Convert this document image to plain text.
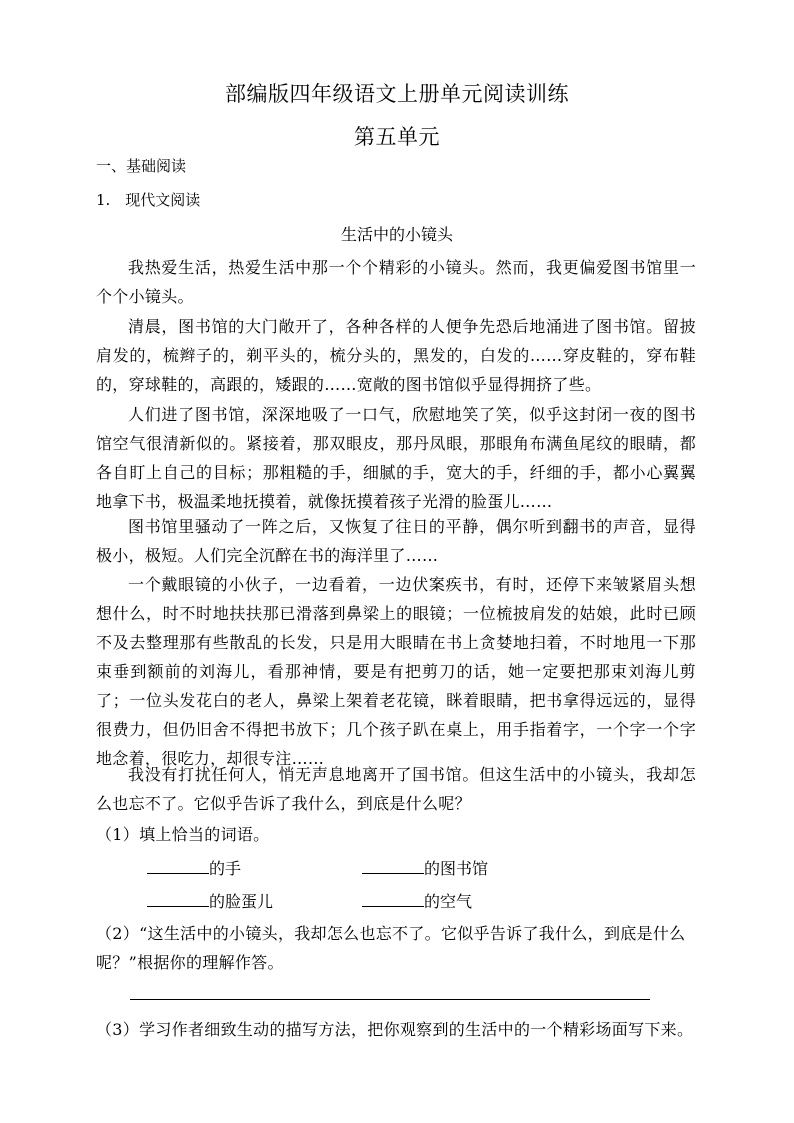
部编版四年级语文上册单元阅读训练
第五单元
一、基础阅读
1.　现代文阅读
生活中的小镜头
我热爱生活，热爱生活中那一个个精彩的小镜头。然而，我更偏爱图书馆里一个个小镜头。
清晨，图书馆的大门敞开了，各种各样的人便争先恐后地涌进了图书馆。留披肩发的，梳辫子的，剃平头的，梳分头的，黑发的，白发的……穿皮鞋的，穿布鞋的，穿球鞋的，高跟的，矮跟的……宽敞的图书馆似乎显得拥挤了些。
人们进了图书馆，深深地吸了一口气，欣慰地笑了笑，似乎这封闭一夜的图书馆空气很清新似的。紧接着，那双眼皮，那丹凤眼，那眼角布满鱼尾纹的眼睛，都各自盯上自己的目标；那粗糙的手，细腻的手，宽大的手，纤细的手，都小心翼翼地拿下书，极温柔地抚摸着，就像抚摸着孩子光滑的脸蛋儿……
图书馆里骚动了一阵之后，又恢复了往日的平静，偶尔听到翻书的声音，显得极小，极短。人们完全沉醉在书的海洋里了……
一个戴眼镜的小伙子，一边看着，一边伏案疾书，有时，还停下来皱紧眉头想想什么，时不时地扶扶那已滑落到鼻梁上的眼镜；一位梳披肩发的姑娘，此时已顾不及去整理那有些散乱的长发，只是用大眼睛在书上贪婪地扫着，不时地甩一下那束垂到额前的刘海儿，看那神情，要是有把剪刀的话，她一定要把那束刘海儿剪了；一位头发花白的老人，鼻梁上架着老花镜，眯着眼睛，把书拿得远远的，显得很费力，但仍旧舍不得把书放下；几个孩子趴在桌上，用手指着字，一个字一个字地念着，很吃力，却很专注……
我没有打扰任何人，悄无声息地离开了国书馆。但这生活中的小镜头，我却怎么也忘不了。它似乎告诉了我什么，到底是什么呢？
（1）填上恰当的词语。
的手	的图书馆
的脸蛋儿	的空气
（2）“这生活中的小镜头，我却怎么也忘不了。它似乎告诉了我什么，到底是什么呢？”根据你的理解作答。
（3）学习作者细致生动的描写方法，把你观察到的生活中的一个精彩场面写下来。
